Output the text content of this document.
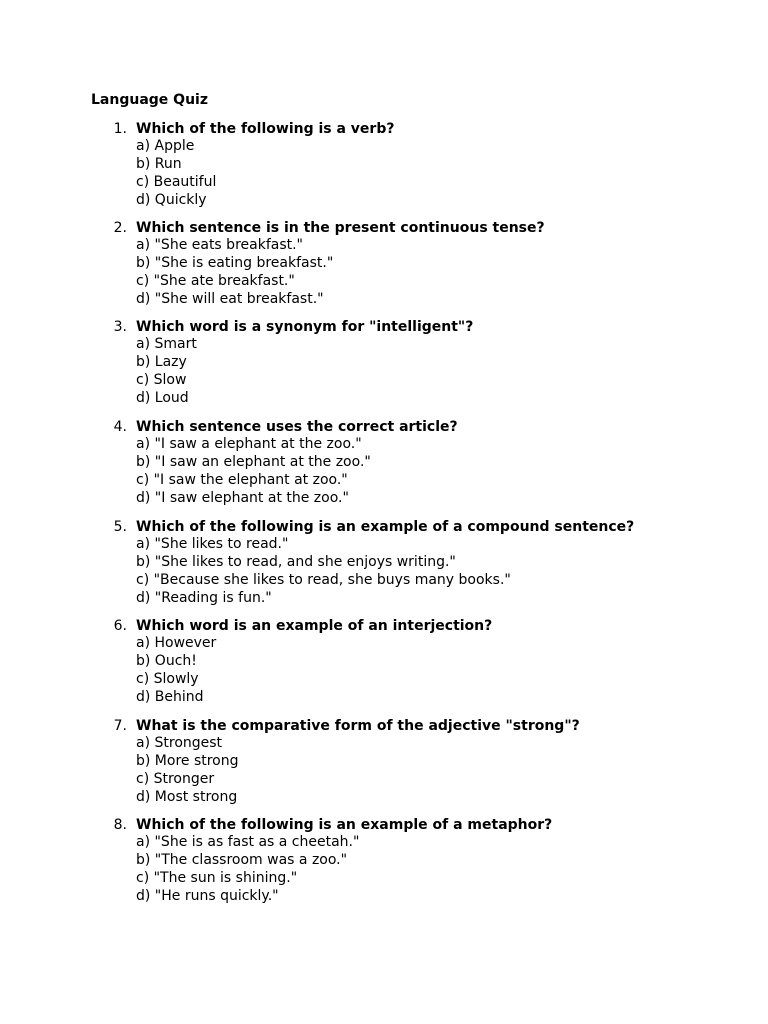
Language Quiz
1. Which of the following is a verb?
a) Apple
b) Run
c) Beautiful
d) Quickly
2. Which sentence is in the present continuous tense?
a) "She eats breakfast."
b) "She is eating breakfast."
c) "She ate breakfast."
d) "She will eat breakfast."
3. Which word is a synonym for "intelligent"?
a) Smart
b) Lazy
c) Slow
d) Loud
4. Which sentence uses the correct article?
a) "I saw a elephant at the zoo."
b) "I saw an elephant at the zoo."
c) "I saw the elephant at zoo."
d) "I saw elephant at the zoo."
5. Which of the following is an example of a compound sentence?
a) "She likes to read."
b) "She likes to read, and she enjoys writing."
c) "Because she likes to read, she buys many books."
d) "Reading is fun."
6. Which word is an example of an interjection?
a) However
b) Ouch!
c) Slowly
d) Behind
7. What is the comparative form of the adjective "strong"?
a) Strongest
b) More strong
c) Stronger
d) Most strong
8. Which of the following is an example of a metaphor?
a) "She is as fast as a cheetah."
b) "The classroom was a zoo."
c) "The sun is shining."
d) "He runs quickly."
